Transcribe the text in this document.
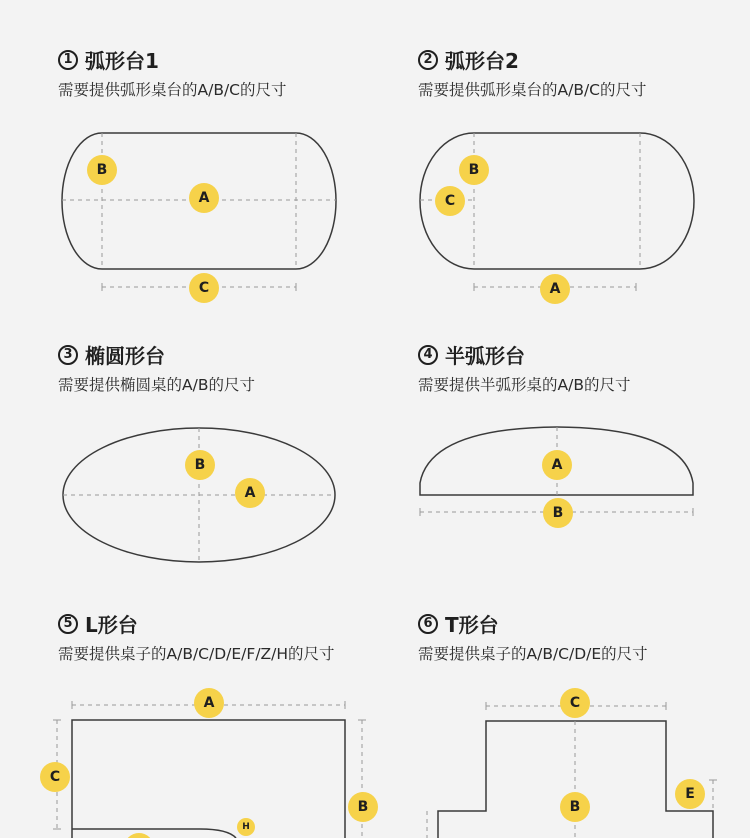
1 弧形台1
需要提供弧形桌台的A/B/C的尺寸
2 弧形台2
需要提供弧形桌台的A/B/C的尺寸
3 椭圆形台
需要提供椭圆桌的A/B的尺寸
4 半弧形台
需要提供半弧形桌的A/B的尺寸
5 L形台
需要提供桌子的A/B/C/D/E/F/Z/H的尺寸
6 T形台
需要提供桌子的A/B/C/D/E的尺寸
B
A
C
B
C
A
B
A
A
B
A
C
B
H
C
E
B
